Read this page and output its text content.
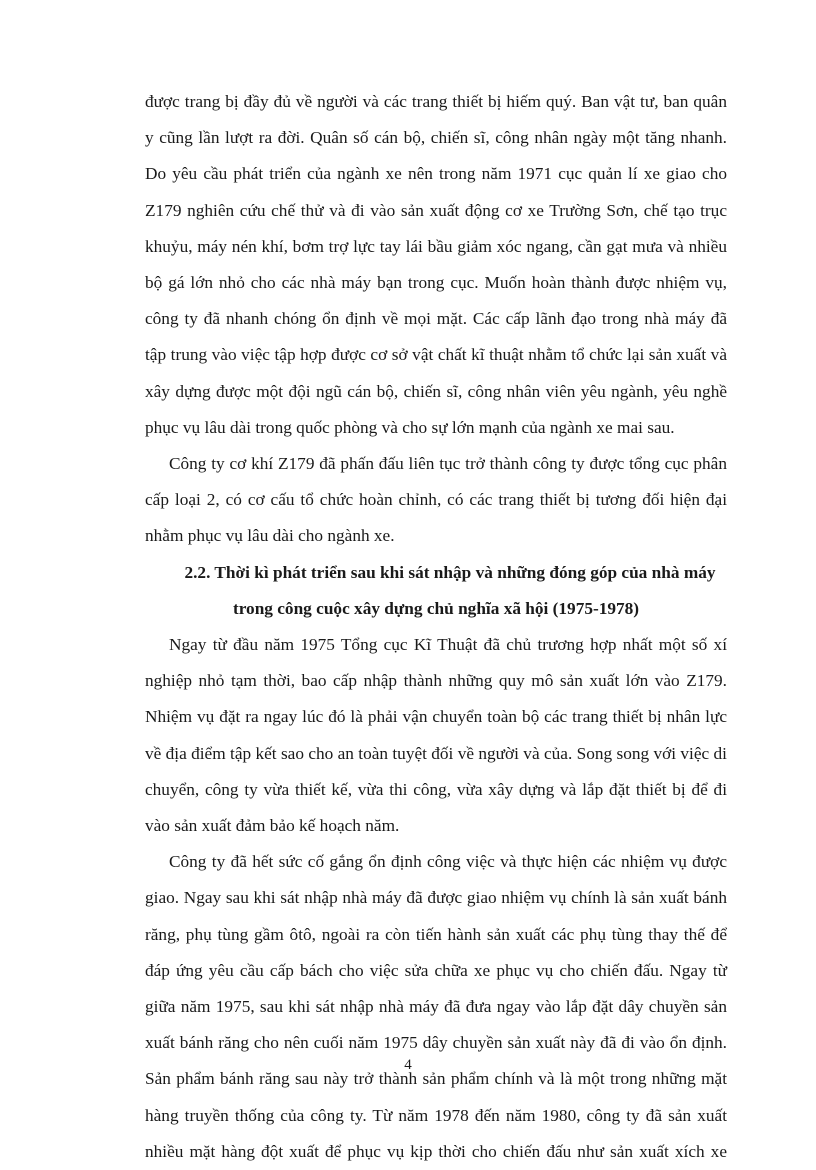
được trang bị đầy đủ về người và các trang thiết bị hiếm quý. Ban vật tư, ban quân
y cũng lần lượt ra đời. Quân số cán bộ, chiến sĩ, công nhân ngày một tăng nhanh.
Do yêu cầu phát triển của ngành xe nên trong năm 1971 cục quản lí xe giao cho
Z179 nghiên cứu chế thử và đi vào sản xuất động cơ xe Trường Sơn, chế tạo trục
khuỷu, máy nén khí, bơm trợ lực tay lái bầu giảm xóc ngang, cần gạt mưa và nhiều
bộ gá lớn nhỏ cho các nhà máy bạn trong cục. Muốn hoàn thành được nhiệm vụ,
công ty đã nhanh chóng ổn định về mọi mặt. Các cấp lãnh đạo trong nhà máy đã
tập trung vào việc tập hợp được cơ sở vật chất kĩ thuật nhằm tổ chức lại sản xuất và
xây dựng được một đội ngũ cán bộ, chiến sĩ, công nhân viên yêu ngành, yêu nghề
phục vụ lâu dài trong quốc phòng và cho sự lớn mạnh của ngành xe mai sau.

Công ty cơ khí Z179 đã phấn đấu liên tục trở thành công ty được tổng cục phân
cấp loại 2, có cơ cấu tổ chức hoàn chỉnh, có các trang thiết bị tương đối hiện đại
nhằm phục vụ lâu dài cho ngành xe.

2.2. Thời kì phát triển sau khi sát nhập và những đóng góp của nhà máy
trong công cuộc xây dựng chủ nghĩa xã hội (1975-1978)

Ngay từ đầu năm 1975 Tổng cục Kĩ Thuật đã chủ trương hợp nhất một số xí
nghiệp nhỏ tạm thời, bao cấp nhập thành những quy mô sản xuất lớn vào Z179.
Nhiệm vụ đặt ra ngay lúc đó là phải vận chuyển toàn bộ các trang thiết bị nhân lực
về địa điểm tập kết sao cho an toàn tuyệt đối về người và của. Song song với việc di
chuyển, công ty vừa thiết kế, vừa thi công, vừa xây dựng và lắp đặt thiết bị để đi
vào sản xuất đảm bảo kế hoạch năm.

Công ty đã hết sức cố gắng ổn định công việc và thực hiện các nhiệm vụ được
giao. Ngay sau khi sát nhập nhà máy đã được giao nhiệm vụ chính là sản xuất bánh
răng, phụ tùng gầm ôtô, ngoài ra còn tiến hành sản xuất các phụ tùng thay thế để
đáp ứng yêu cầu cấp bách cho việc sửa chữa xe phục vụ cho chiến đấu. Ngay từ
giữa năm 1975, sau khi sát nhập nhà máy đã đưa ngay vào lắp đặt dây chuyền sản
xuất bánh răng cho nên cuối năm 1975 dây chuyền sản xuất này đã đi vào ổn định.
Sản phẩm bánh răng sau này trở thành sản phẩm chính và là một trong những mặt
hàng truyền thống của công ty. Từ năm 1978 đến năm 1980, công ty đã sản xuất
nhiều mặt hàng đột xuất để phục vụ kịp thời cho chiến đấu như sản xuất xích xe

4
